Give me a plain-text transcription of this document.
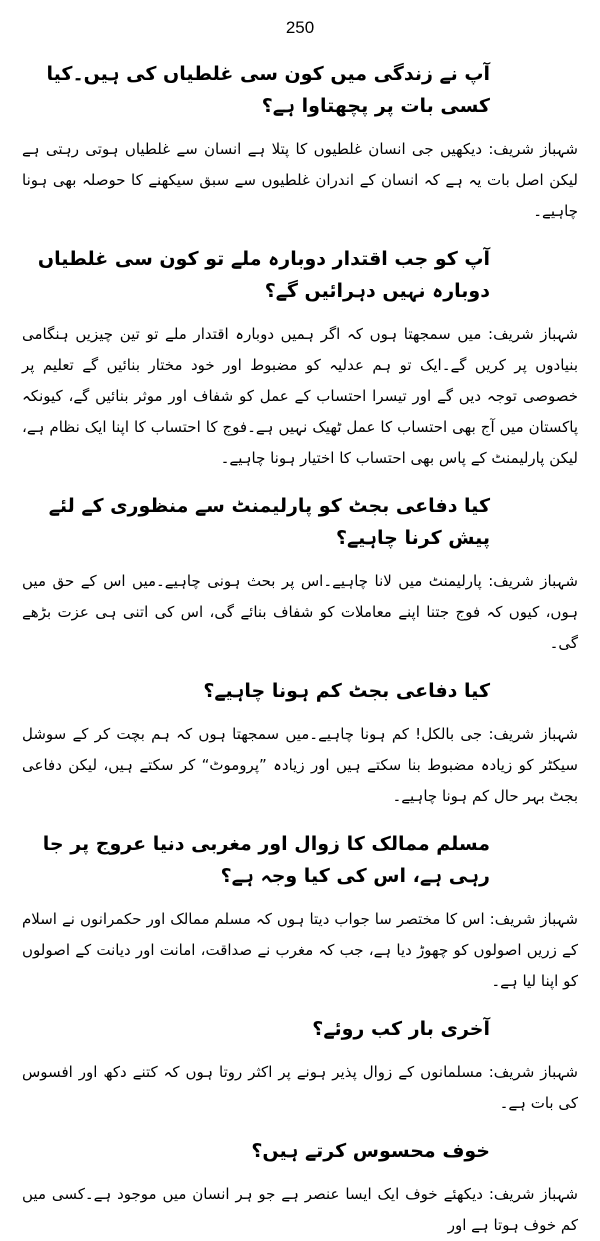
250

آپ نے زندگی میں کون سی غلطیاں کی ہیں۔کیا کسی بات پر پچھتاوا ہے؟

شہباز شریف: دیکھیں جی انسان غلطیوں کا پتلا ہے انسان سے غلطیاں ہوتی رہتی ہے لیکن اصل بات یہ ہے کہ انسان کے اندران غلطیوں سے سبق سیکھنے کا حوصلہ بھی ہونا چاہیے۔

آپ کو جب اقتدار دوبارہ ملے تو کون سی غلطیاں دوبارہ نہیں دہرائیں گے؟

شہباز شریف: میں سمجھتا ہوں کہ اگر ہمیں دوبارہ اقتدار ملے تو تین چیزیں ہنگامی بنیادوں پر کریں گے۔ایک تو ہم عدلیہ کو مضبوط اور خود مختار بنائیں گے تعلیم پر خصوصی توجہ دیں گے اور تیسرا احتساب کے عمل کو شفاف اور موثر بنائیں گے، کیونکہ پاکستان میں آج بھی احتساب کا عمل ٹھیک نہیں ہے۔فوج کا احتساب کا اپنا ایک نظام ہے، لیکن پارلیمنٹ کے پاس بھی احتساب کا اختیار ہونا چاہیے۔

کیا دفاعی بجٹ کو پارلیمنٹ سے منظوری کے لئے پیش کرنا چاہیے؟

شہباز شریف: پارلیمنٹ میں لانا چاہیے۔اس پر بحث ہونی چاہیے۔میں اس کے حق میں ہوں، کیوں کہ فوج جتنا اپنے معاملات کو شفاف بنائے گی، اس کی اتنی ہی عزت بڑھے گی۔

کیا دفاعی بجٹ کم ہونا چاہیے؟

شہباز شریف: جی بالکل! کم ہونا چاہیے۔میں سمجھتا ہوں کہ ہم بچت کر کے سوشل سیکٹر کو زیادہ مضبوط بنا سکتے ہیں اور زیادہ ”پروموٹ“ کر سکتے ہیں، لیکن دفاعی بجٹ بہر حال کم ہونا چاہیے۔

مسلم ممالک کا زوال اور مغربی دنیا عروج پر جا رہی ہے، اس کی کیا وجہ ہے؟

شہباز شریف: اس کا مختصر سا جواب دیتا ہوں کہ مسلم ممالک اور حکمرانوں نے اسلام کے زریں اصولوں کو چھوڑ دیا ہے، جب کہ مغرب نے صداقت، امانت اور دیانت کے اصولوں کو اپنا لیا ہے۔

آخری بار کب روئے؟

شہباز شریف: مسلمانوں کے زوال پذیر ہونے پر اکثر روتا ہوں کہ کتنے دکھ اور افسوس کی بات ہے۔

خوف محسوس کرتے ہیں؟

شہباز شریف: دیکھئے خوف ایک ایسا عنصر ہے جو ہر انسان میں موجود ہے۔کسی میں کم خوف ہوتا ہے اور
